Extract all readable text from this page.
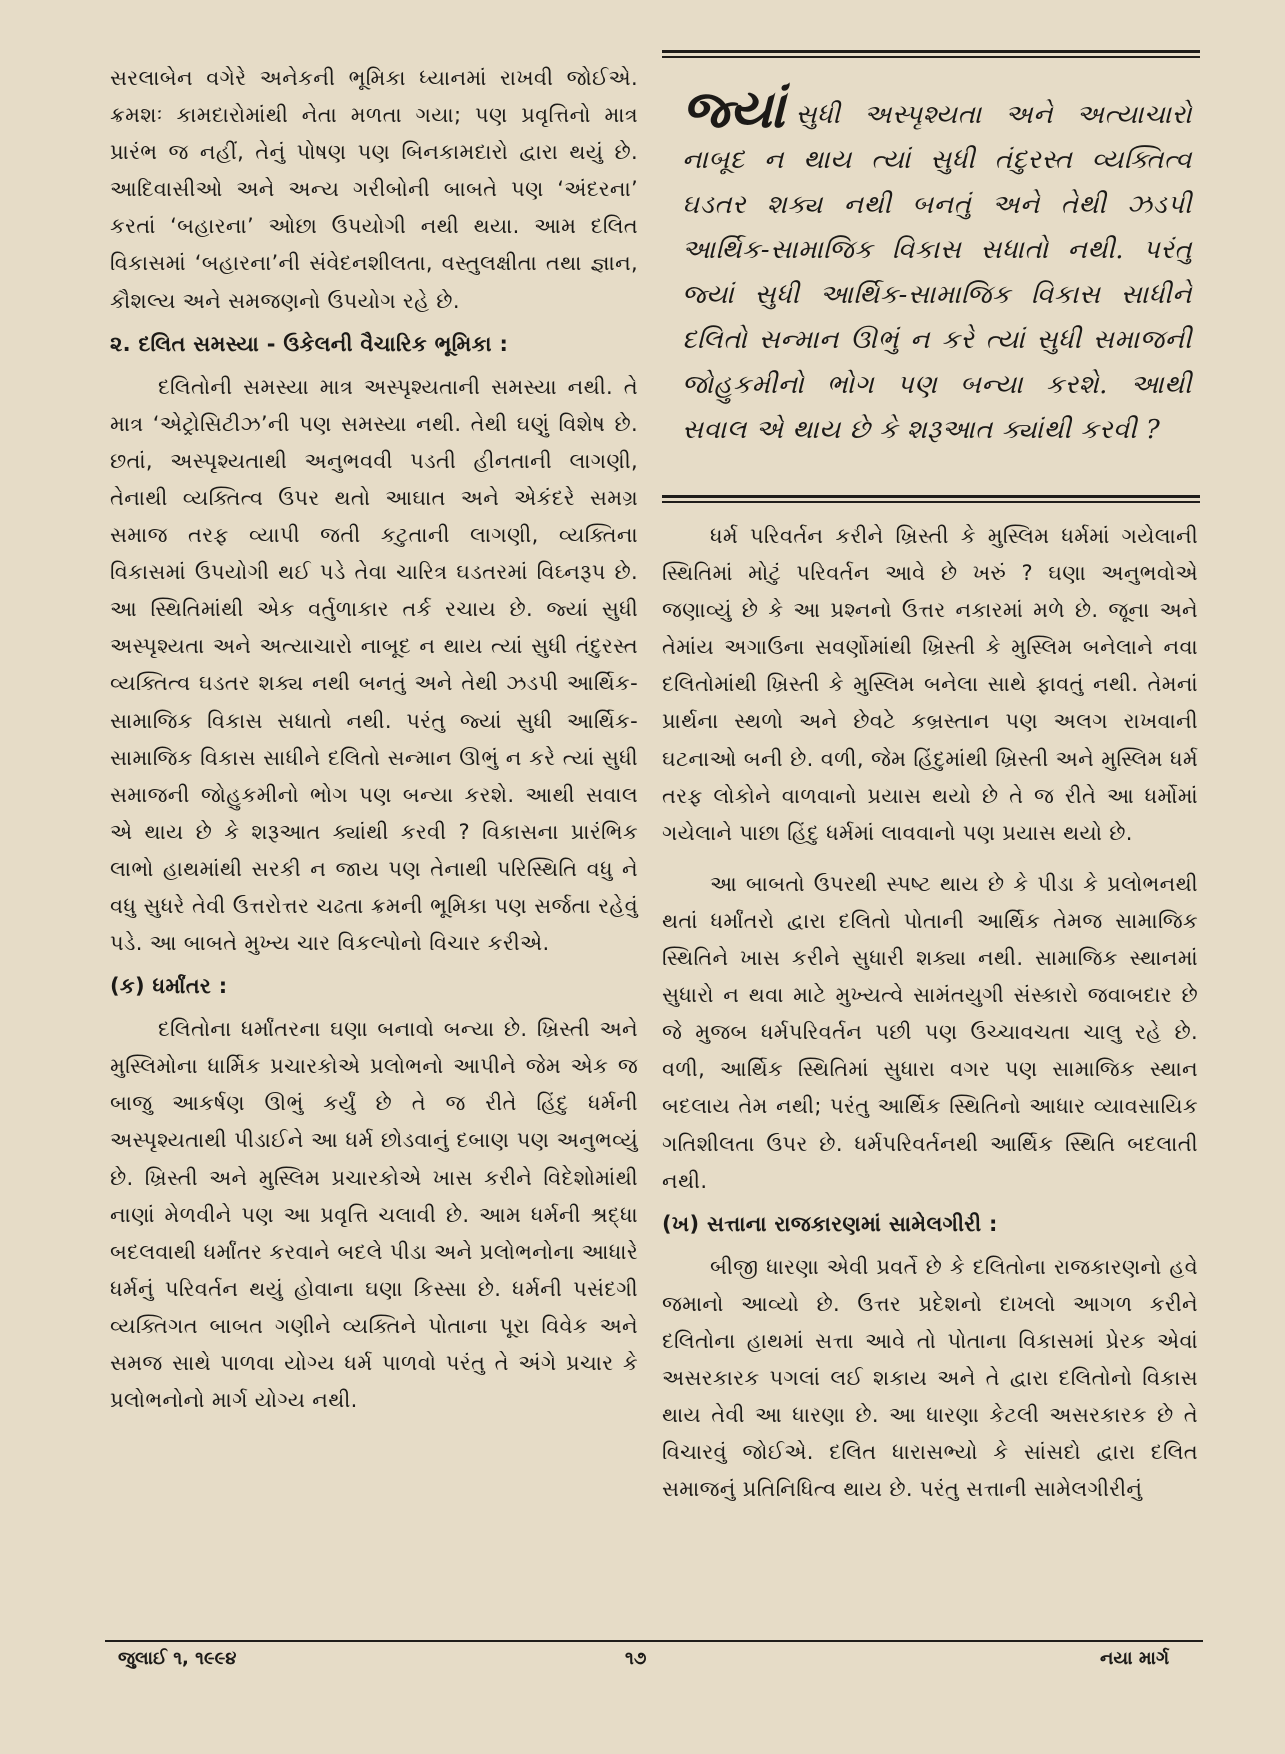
સરલાબેન વગેરે અનેકની ભૂમિકા ધ્યાનમાં રાખવી જોઈએ. ક્રમશઃ કામદારોમાંથી નેતા મળતા ગયા; પણ પ્રવૃત્તિનો માત્ર પ્રારંભ જ નહીં, તેનું પોષણ પણ બિનકામદારો દ્વારા થયું છે. આદિવાસીઓ અને અન્ય ગરીબોની બાબતે પણ ‘અંદરના’ કરતાં ‘બહારના’ ઓછા ઉપયોગી નથી થયા. આમ દલિત વિકાસમાં ‘બહારના’ની સંવેદનશીલતા, વસ્તુલક્ષીતા તથા જ્ઞાન, કૌશલ્ય અને સમજણનો ઉપયોગ રહે છે.

૨. દલિત સમસ્યા - ઉકેલની વૈચારિક ભૂમિકા :

દલિતોની સમસ્યા માત્ર અસ્પૃશ્યતાની સમસ્યા નથી. તે માત્ર ‘એટ્રોસિટીઝ’ની પણ સમસ્યા નથી. તેથી ઘણું વિશેષ છે. છતાં, અસ્પૃશ્યતાથી અનુભવવી પડતી હીનતાની લાગણી, તેનાથી વ્યક્તિત્વ ઉપર થતો આઘાત અને એકંદરે સમગ્ર સમાજ તરફ વ્યાપી જતી કટુતાની લાગણી, વ્યક્તિના વિકાસમાં ઉપયોગી થઈ પડે તેવા ચારિત્ર ઘડતરમાં વિઘ્નરૂપ છે. આ સ્થિતિમાંથી એક વર્તુળાકાર તર્ક રચાય છે. જ્યાં સુધી અસ્પૃશ્યતા અને અત્યાચારો નાબૂદ ન થાય ત્યાં સુધી તંદુરસ્ત વ્યક્તિત્વ ઘડતર શક્ય નથી બનતું અને તેથી ઝડપી આર્થિક-સામાજિક વિકાસ સધાતો નથી. પરંતુ જ્યાં સુધી આર્થિક-સામાજિક વિકાસ સાધીને દલિતો સન્માન ઊભું ન કરે ત્યાં સુધી સમાજની જોહુકમીનો ભોગ પણ બન્યા કરશે. આથી સવાલ એ થાય છે કે શરૂઆત ક્યાંથી કરવી ? વિકાસના પ્રારંભિક લાભો હાથમાંથી સરકી ન જાય પણ તેનાથી પરિસ્થિતિ વધુ ને વધુ સુધરે તેવી ઉત્તરોત્તર ચઢતા ક્રમની ભૂમિકા પણ સર્જતા રહેવું પડે. આ બાબતે મુખ્ય ચાર વિકલ્પોનો વિચાર કરીએ.

(ક) ધર્માંતર :

દલિતોના ધર્માંતરના ઘણા બનાવો બન્યા છે. ખ્રિસ્તી અને મુસ્લિમોના ધાર્મિક પ્રચારકોએ પ્રલોભનો આપીને જેમ એક જ બાજુ આકર્ષણ ઊભું કર્યું છે તે જ રીતે હિંદુ ધર્મની અસ્પૃશ્યતાથી પીડાઈને આ ધર્મ છોડવાનું દબાણ પણ અનુભવ્યું છે. ખ્રિસ્તી અને મુસ્લિમ પ્રચારકોએ ખાસ કરીને વિદેશોમાંથી નાણાં મેળવીને પણ આ પ્રવૃત્તિ ચલાવી છે. આમ ધર્મની શ્રદ્ધા બદલવાથી ધર્માંતર કરવાને બદલે પીડા અને પ્રલોભનોના આધારે ધર્મનું પરિવર્તન થયું હોવાના ઘણા કિસ્સા છે. ધર્મની પસંદગી વ્યક્તિગત બાબત ગણીને વ્યક્તિને પોતાના પૂરા વિવેક અને સમજ સાથે પાળવા યોગ્ય ધર્મ પાળવો પરંતુ તે અંગે પ્રચાર કે પ્રલોભનોનો માર્ગ યોગ્ય નથી.

જ્યાં સુધી અસ્પૃશ્યતા અને અત્યાચારો નાબૂદ ન થાય ત્યાં સુધી તંદુરસ્ત વ્યક્તિત્વ ઘડતર શક્ય નથી બનતું અને તેથી ઝડપી આર્થિક-સામાજિક વિકાસ સધાતો નથી. પરંતુ જ્યાં સુધી આર્થિક-સામાજિક વિકાસ સાધીને દલિતો સન્માન ઊભું ન કરે ત્યાં સુધી સમાજની જોહુકમીનો ભોગ પણ બન્યા કરશે. આથી સવાલ એ થાય છે કે શરૂઆત ક્યાંથી કરવી ?

ધર્મ પરિવર્તન કરીને ખ્રિસ્તી કે મુસ્લિમ ધર્મમાં ગયેલાની સ્થિતિમાં મોટું પરિવર્તન આવે છે ખરું ? ઘણા અનુભવોએ જણાવ્યું છે કે આ પ્રશ્નનો ઉત્તર નકારમાં મળે છે. જૂના અને તેમાંય અગાઉના સવર્ણોમાંથી ખ્રિસ્તી કે મુસ્લિમ બનેલાને નવા દલિતોમાંથી ખ્રિસ્તી કે મુસ્લિમ બનેલા સાથે ફાવતું નથી. તેમનાં પ્રાર્થના સ્થળો અને છેવટે કબ્રસ્તાન પણ અલગ રાખવાની ઘટનાઓ બની છે. વળી, જેમ હિંદુમાંથી ખ્રિસ્તી અને મુસ્લિમ ધર્મ તરફ લોકોને વાળવાનો પ્રયાસ થયો છે તે જ રીતે આ ધર્મોમાં ગયેલાને પાછા હિંદુ ધર્મમાં લાવવાનો પણ પ્રયાસ થયો છે.

આ બાબતો ઉપરથી સ્પષ્ટ થાય છે કે પીડા કે પ્રલોભનથી થતાં ધર્માંતરો દ્વારા દલિતો પોતાની આર્થિક તેમજ સામાજિક સ્થિતિને ખાસ કરીને સુધારી શક્યા નથી. સામાજિક સ્થાનમાં સુધારો ન થવા માટે મુખ્યત્વે સામંતયુગી સંસ્કારો જવાબદાર છે જે મુજબ ધર્મપરિવર્તન પછી પણ ઉચ્ચાવચતા ચાલુ રહે છે. વળી, આર્થિક સ્થિતિમાં સુધારા વગર પણ સામાજિક સ્થાન બદલાય તેમ નથી; પરંતુ આર્થિક સ્થિતિનો આધાર વ્યાવસાયિક ગતિશીલતા ઉપર છે. ધર્મપરિવર્તનથી આર્થિક સ્થિતિ બદલાતી નથી.

(ખ) સત્તાના રાજકારણમાં સામેલગીરી :

બીજી ધારણા એવી પ્રવર્તે છે કે દલિતોના રાજકારણનો હવે જમાનો આવ્યો છે. ઉત્તર પ્રદેશનો દાખલો આગળ કરીને દલિતોના હાથમાં સત્તા આવે તો પોતાના વિકાસમાં પ્રેરક એવાં અસરકારક પગલાં લઈ શકાય અને તે દ્વારા દલિતોનો વિકાસ થાય તેવી આ ધારણા છે. આ ધારણા કેટલી અસરકારક છે તે વિચારવું જોઈએ. દલિત ધારાસભ્યો કે સાંસદો દ્વારા દલિત સમાજનું પ્રતિનિધિત્વ થાય છે. પરંતુ સત્તાની સામેલગીરીનું

જુલાઈ ૧, ૧૯૯૪	૧૭	નયા માર્ગ
